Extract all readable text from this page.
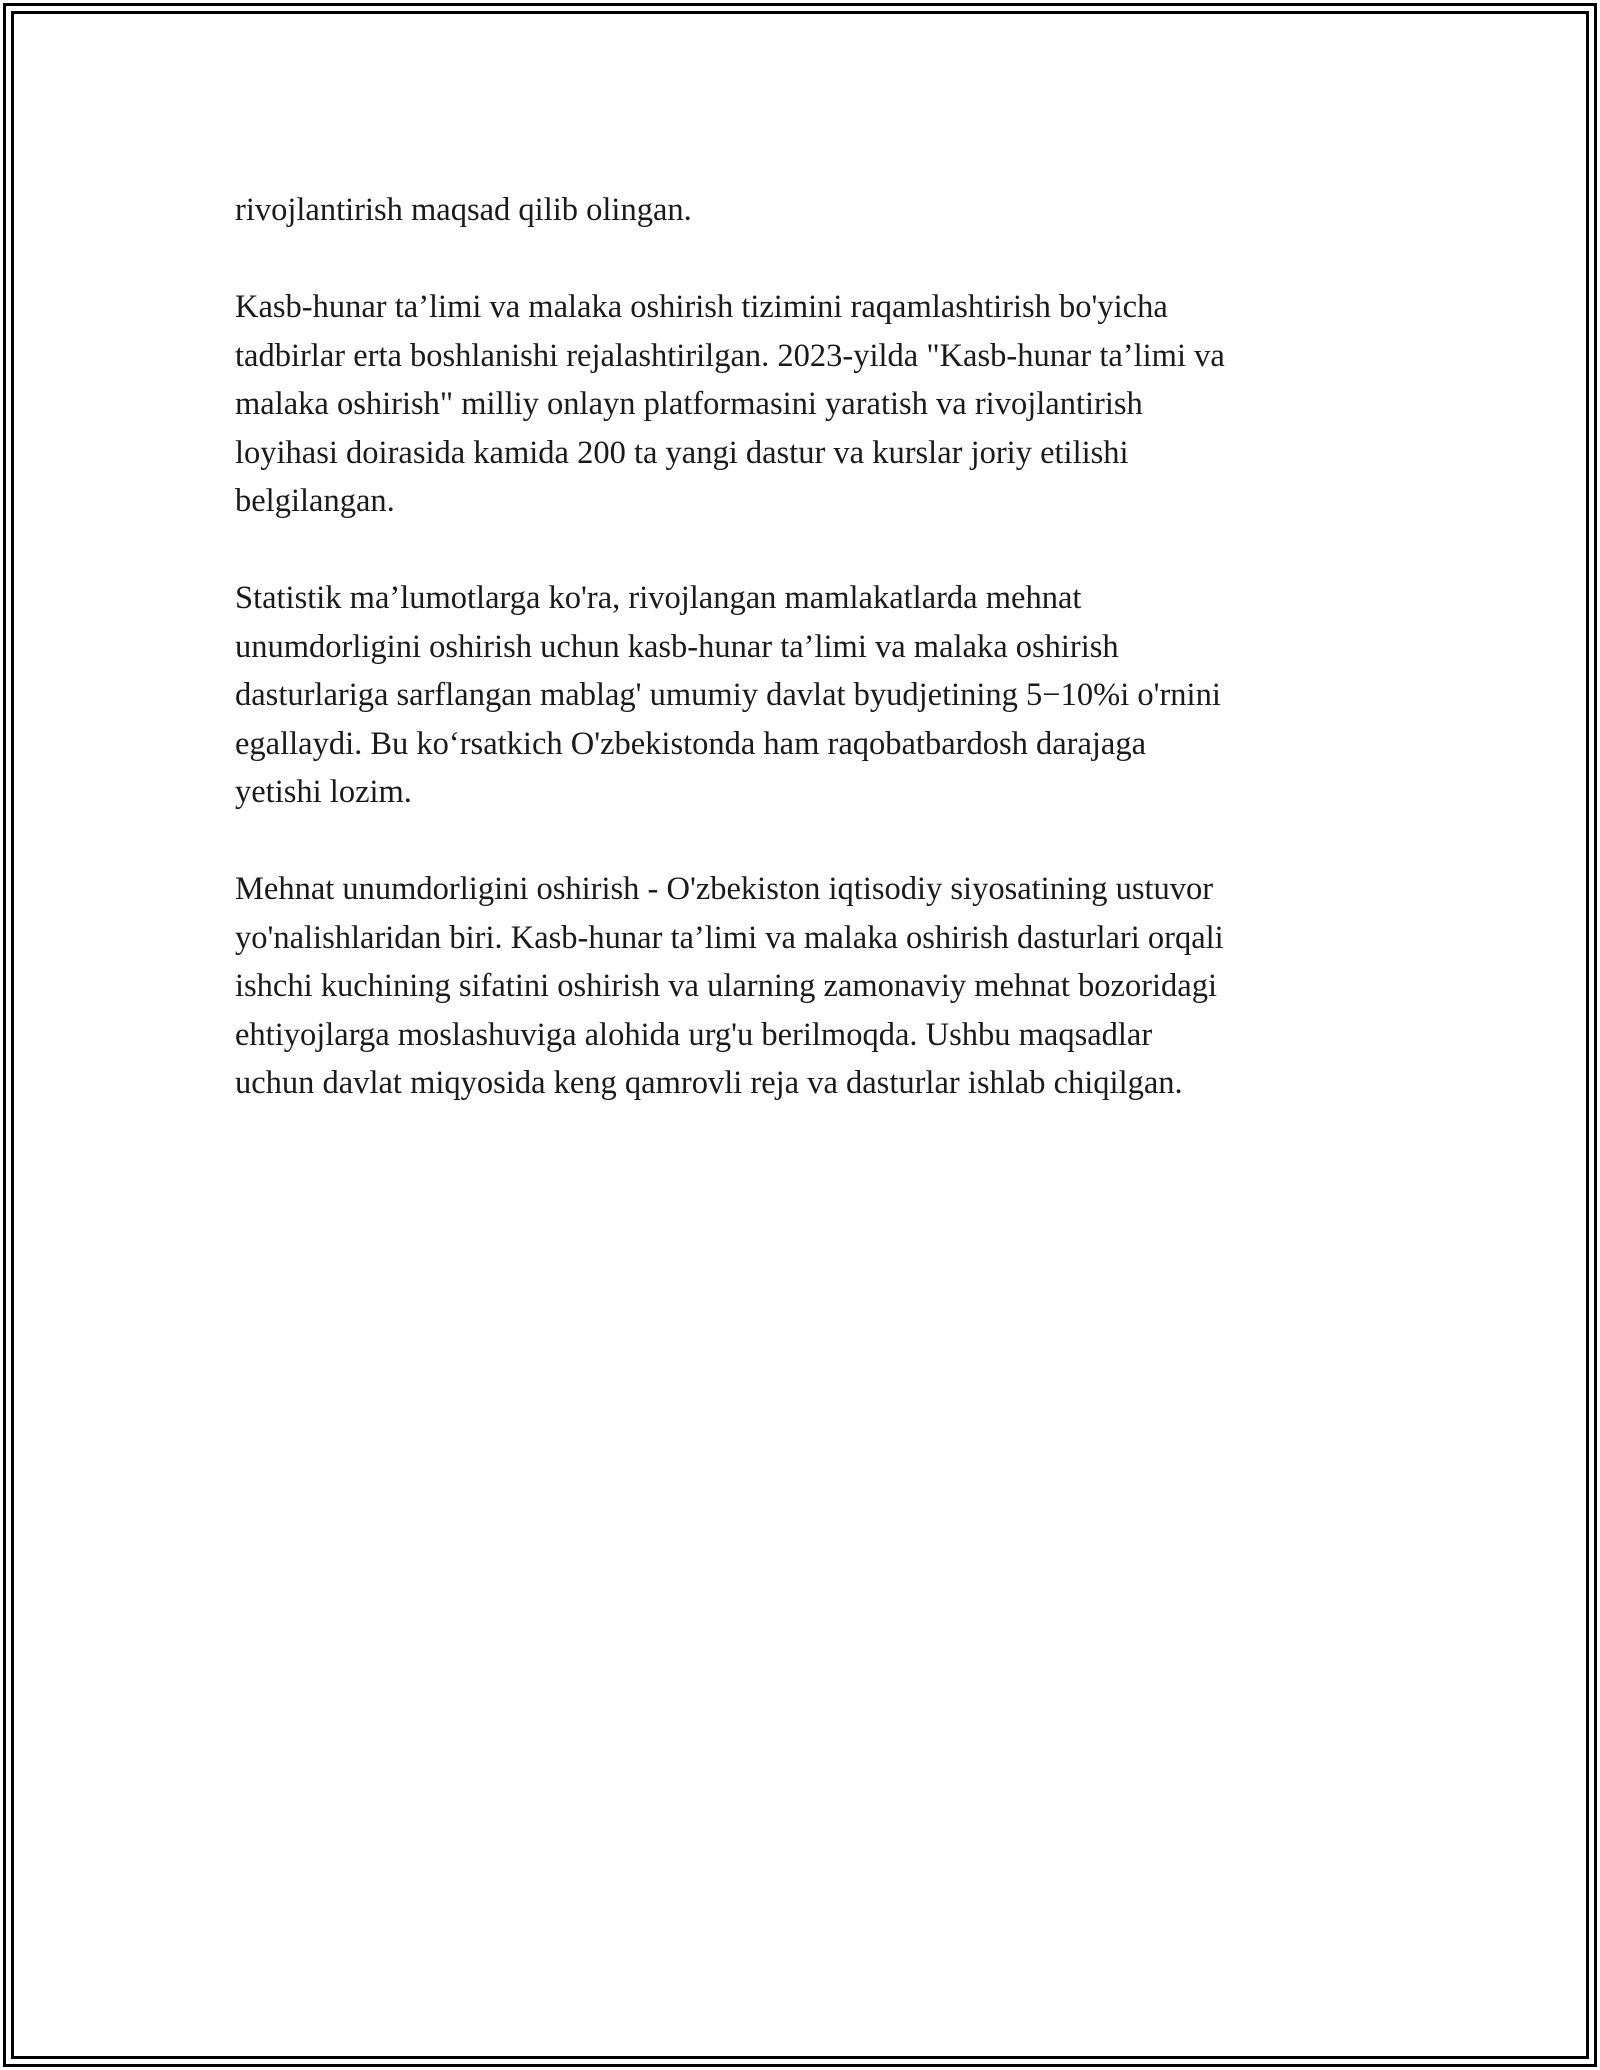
rivojlantirish maqsad qilib olingan.

Kasb-hunar ta’limi va malaka oshirish tizimini raqamlashtirish bo'yicha
tadbirlar erta boshlanishi rejalashtirilgan. 2023-yilda "Kasb-hunar ta’limi va
malaka oshirish" milliy onlayn platformasini yaratish va rivojlantirish
loyihasi doirasida kamida 200 ta yangi dastur va kurslar joriy etilishi
belgilangan.

Statistik ma’lumotlarga ko'ra, rivojlangan mamlakatlarda mehnat
unumdorligini oshirish uchun kasb-hunar ta’limi va malaka oshirish
dasturlariga sarflangan mablag' umumiy davlat byudjetining 5−10%i o'rnini
egallaydi. Bu koʻrsatkich O'zbekistonda ham raqobatbardosh darajaga
yetishi lozim.

Mehnat unumdorligini oshirish - O'zbekiston iqtisodiy siyosatining ustuvor
yo'nalishlaridan biri. Kasb-hunar ta’limi va malaka oshirish dasturlari orqali
ishchi kuchining sifatini oshirish va ularning zamonaviy mehnat bozoridagi
ehtiyojlarga moslashuviga alohida urg'u berilmoqda. Ushbu maqsadlar
uchun davlat miqyosida keng qamrovli reja va dasturlar ishlab chiqilgan.
